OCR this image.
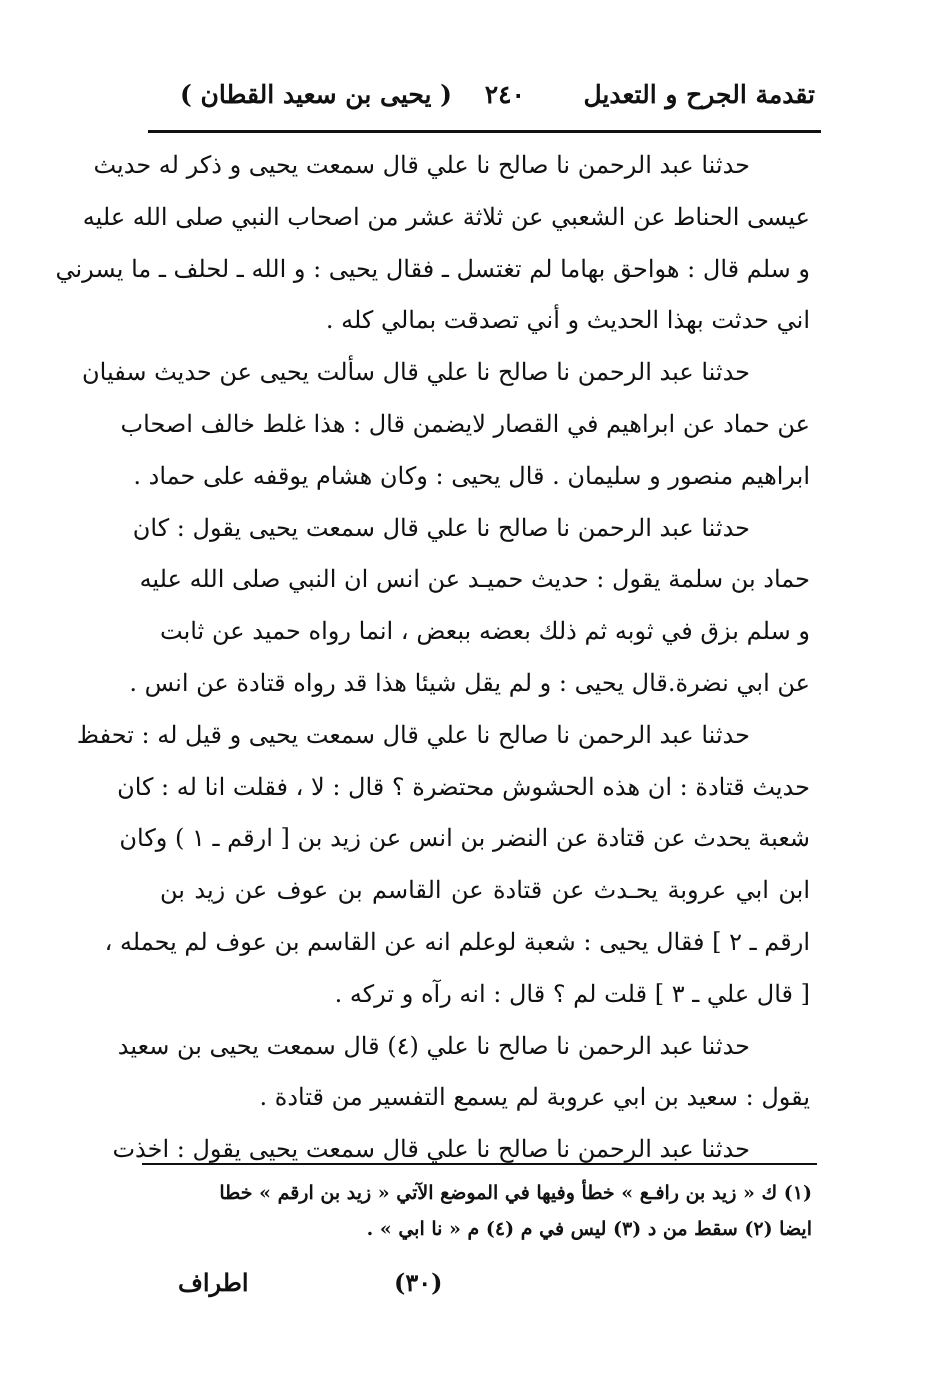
تقدمة الجرح و التعديل
٢٤٠
( يحيى بن سعيد القطان )
حدثنا عبد الرحمن نا صالح نا علي قال سمعت يحيى و ذكر له حديث
عيسى الحناط عن الشعبي عن ثلاثة عشر من اصحاب النبي صلى الله عليه
و سلم قال : هواحق بهاما لم تغتسل ـ فقال يحيى : و الله ـ لحلف ـ ما يسرني
اني حدثت بهذا الحديث و أني تصدقت بمالي كله .
حدثنا عبد الرحمن نا صالح نا علي قال سألت يحيى عن حديث سفيان
عن حماد عن ابراهيم في القصار لايضمن قال : هذا غلط خالف اصحاب
ابراهيم منصور و سليمان . قال يحيى : وكان هشام يوقفه على حماد .
حدثنا عبد الرحمن نا صالح نا علي قال سمعت يحيى يقول : كان
حماد بن سلمة يقول : حديث حميـد عن انس ان النبي صلى الله عليه
و سلم بزق في ثوبه ثم ذلك بعضه ببعض ، انما رواه حميد عن ثابت
عن ابي نضرة.قال يحيى : و لم يقل شيئا هذا قد رواه قتادة عن انس .
حدثنا عبد الرحمن نا صالح نا علي قال سمعت يحيى و قيل له : تحفظ
حديث قتادة : ان هذه الحشوش محتضرة ؟ قال : لا ، فقلت انا له : كان
شعبة يحدث عن قتادة عن النضر بن انس عن زيد بن [ ارقم ـ ١ ) وكان
ابن ابي عروبة يحـدث عن قتادة عن القاسم بن عوف عن زيد بن
ارقم ـ ٢ ] فقال يحيى : شعبة لوعلم انه عن القاسم بن عوف لم يحمله ،
[ قال علي ـ ٣ ] قلت لم ؟ قال : انه رآه و تركه .
حدثنا عبد الرحمن نا صالح نا علي (٤) قال سمعت يحيى بن سعيد
يقول : سعيد بن ابي عروبة لم يسمع التفسير من قتادة .
حدثنا عبد الرحمن نا صالح نا علي قال سمعت يحيى يقول : اخذت
(١) ك « زيد بن رافـع » خطأ وفيها في الموضع الآتي « زيد بن ارقم » خطا
ايضا (٢) سقط من د (٣) ليس في م (٤) م « نا ابي » .
(٣٠)
اطراف
